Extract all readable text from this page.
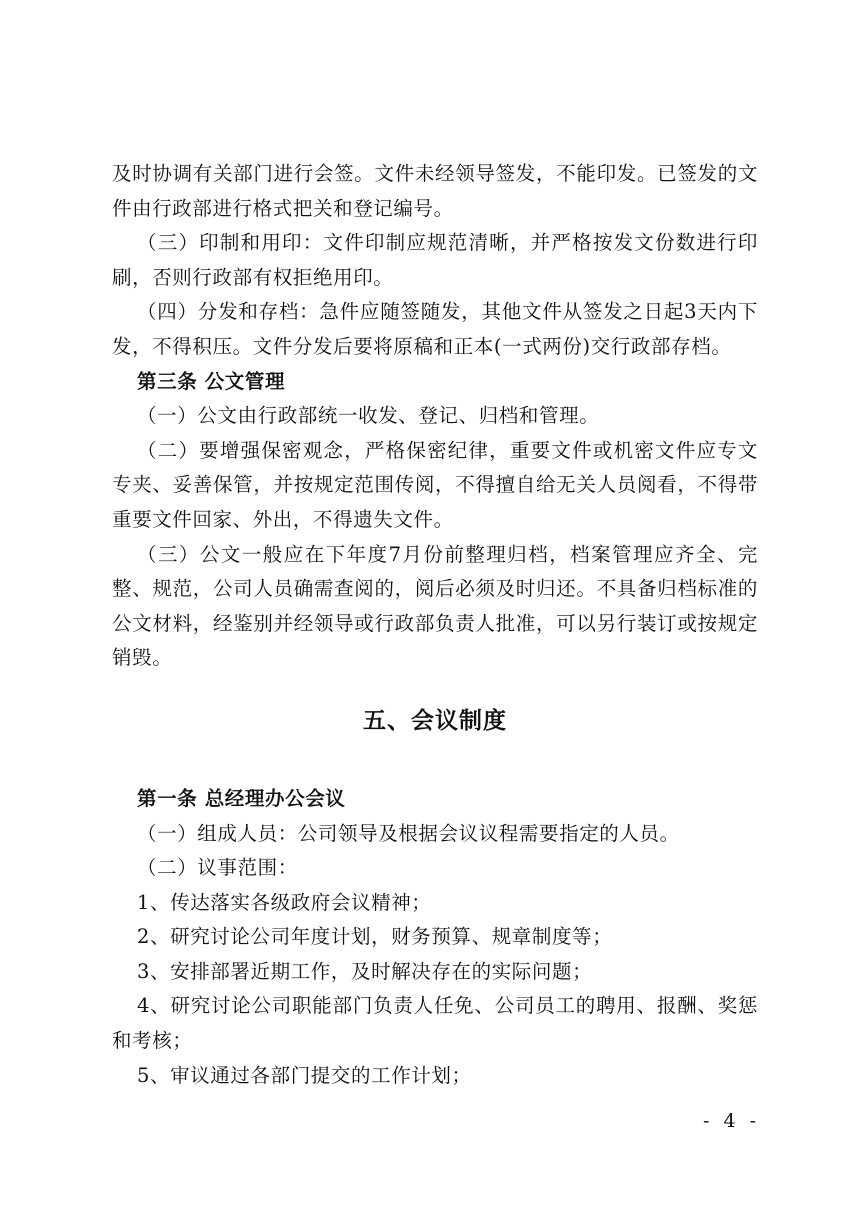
及时协调有关部门进行会签。文件未经领导签发，不能印发。已签发的文件由行政部进行格式把关和登记编号。

（三）印制和用印：文件印制应规范清晰，并严格按发文份数进行印刷，否则行政部有权拒绝用印。

（四）分发和存档：急件应随签随发，其他文件从签发之日起3天内下发，不得积压。文件分发后要将原稿和正本(一式两份)交行政部存档。

第三条 公文管理

（一）公文由行政部统一收发、登记、归档和管理。

（二）要增强保密观念，严格保密纪律，重要文件或机密文件应专文专夹、妥善保管，并按规定范围传阅，不得擅自给无关人员阅看，不得带重要文件回家、外出，不得遗失文件。

（三）公文一般应在下年度7月份前整理归档，档案管理应齐全、完整、规范，公司人员确需查阅的，阅后必须及时归还。不具备归档标准的公文材料，经鉴别并经领导或行政部负责人批准，可以另行装订或按规定销毁。

五、会议制度

第一条 总经理办公会议

（一）组成人员：公司领导及根据会议议程需要指定的人员。

（二）议事范围：

1、传达落实各级政府会议精神；

2、研究讨论公司年度计划，财务预算、规章制度等；

3、安排部署近期工作，及时解决存在的实际问题；

4、研究讨论公司职能部门负责人任免、公司员工的聘用、报酬、奖惩和考核；

5、审议通过各部门提交的工作计划；

- 4 -
